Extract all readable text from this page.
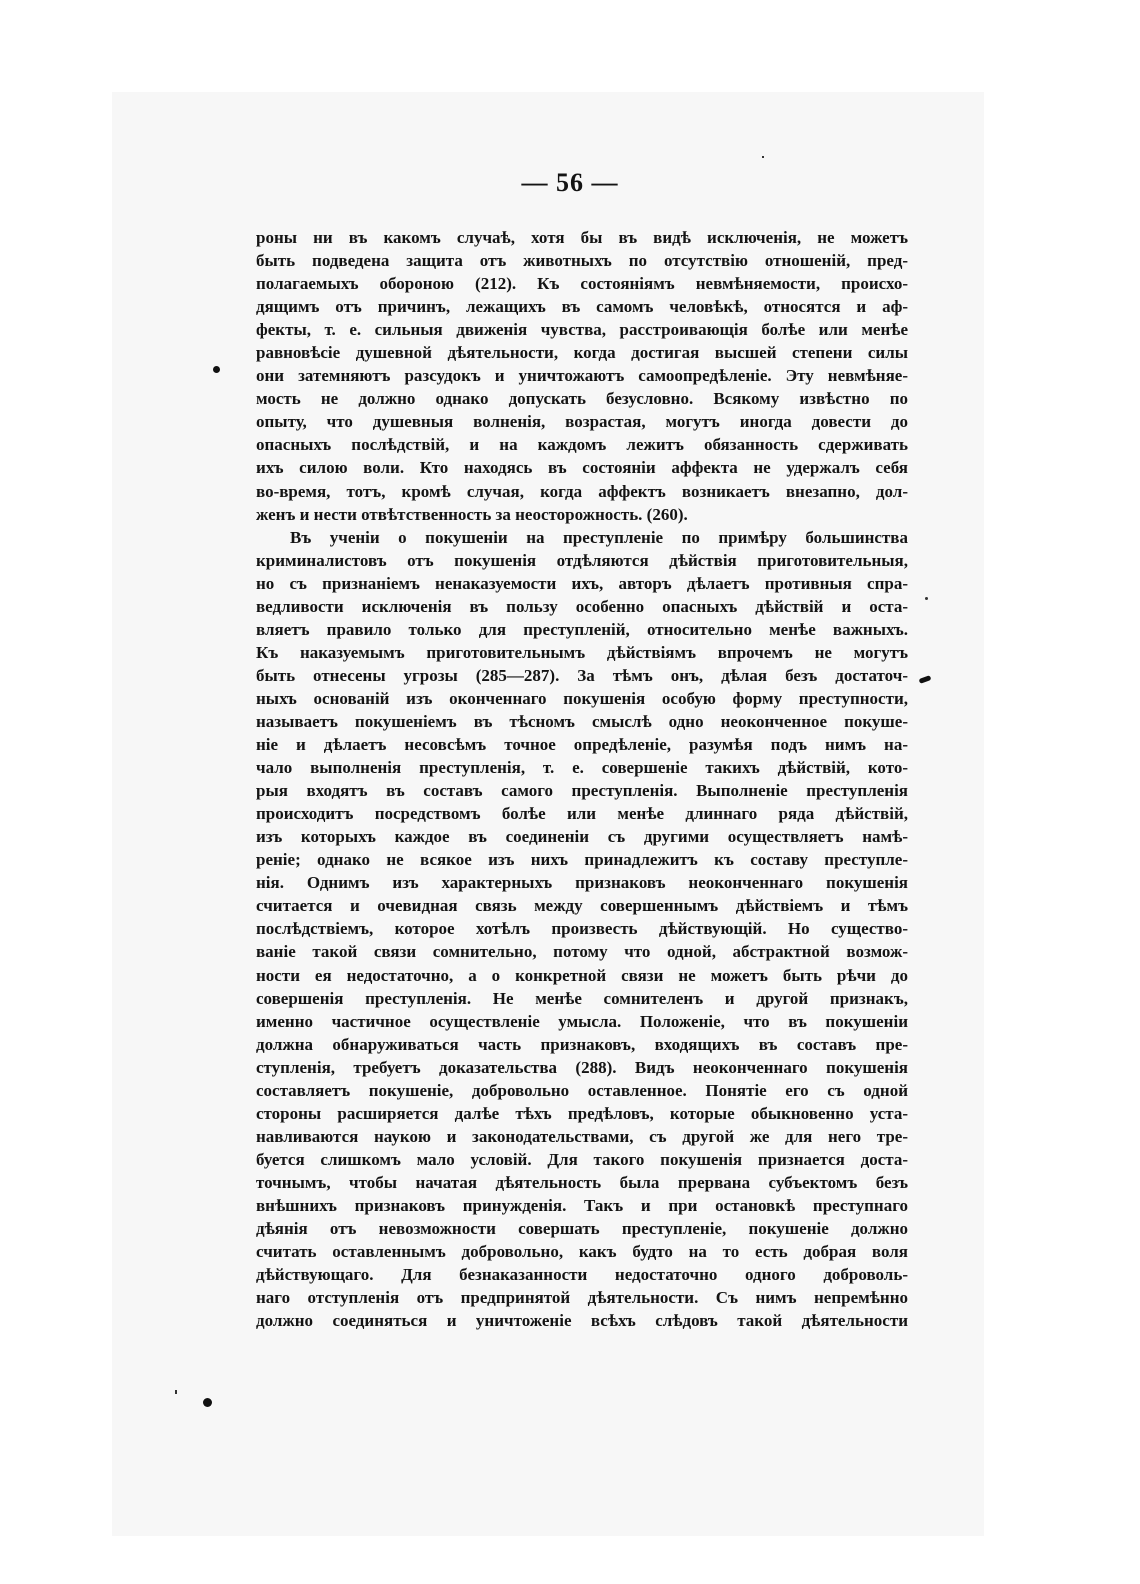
— 56 —
роны ни въ какомъ случаѣ, хотя бы въ видѣ исключенія, не можетъ
быть подведена защита отъ животныхъ по отсутствію отношеній, пред-
полагаемыхъ обороною (212). Къ состояніямъ невмѣняемости, происхо-
дящимъ отъ причинъ, лежащихъ въ самомъ человѣкѣ, относятся и аф-
фекты, т. е. сильныя движенія чувства, расстроивающія болѣе или менѣе
равновѣсіе душевной дѣятельности, когда достигая высшей степени силы
они затемняютъ разсудокъ и уничтожаютъ самоопредѣленіе. Эту невмѣняе-
мость не должно однако допускать безусловно. Всякому извѣстно по
опыту, что душевныя волненія, возрастая, могутъ иногда довести до
опасныхъ послѣдствій, и на каждомъ лежитъ обязанность сдерживать
ихъ силою воли. Кто находясь въ состояніи аффекта не удержалъ себя
во-время, тотъ, кромѣ случая, когда аффектъ возникаетъ внезапно, дол-
женъ и нести отвѣтственность за неосторожность. (260).
Въ ученіи о покушеніи на преступленіе по примѣру большинства
криминалистовъ отъ покушенія отдѣляются дѣйствія приготовительныя,
но съ признаніемъ ненаказуемости ихъ, авторъ дѣлаетъ противныя спра-
ведливости исключенія въ пользу особенно опасныхъ дѣйствій и оста-
вляетъ правило только для преступленій, относительно менѣе важныхъ.
Къ наказуемымъ приготовительнымъ дѣйствіямъ впрочемъ не могутъ
быть отнесены угрозы (285—287). За тѣмъ онъ, дѣлая безъ достаточ-
ныхъ основаній изъ оконченнаго покушенія особую форму преступности,
называетъ покушеніемъ въ тѣсномъ смыслѣ одно неоконченное покуше-
ніе и дѣлаетъ несовсѣмъ точное опредѣленіе, разумѣя подъ нимъ на-
чало выполненія преступленія, т. е. совершеніе такихъ дѣйствій, кото-
рыя входятъ въ составъ самого преступленія. Выполненіе преступленія
происходитъ посредствомъ болѣе или менѣе длиннаго ряда дѣйствій,
изъ которыхъ каждое въ соединеніи съ другими осуществляетъ намѣ-
реніе; однако не всякое изъ нихъ принадлежитъ къ составу преступле-
нія. Однимъ изъ характерныхъ признаковъ неоконченнаго покушенія
считается и очевидная связь между совершеннымъ дѣйствіемъ и тѣмъ
послѣдствіемъ, которое хотѣлъ произвесть дѣйствующій. Но существо-
ваніе такой связи сомнительно, потому что одной, абстрактной возмож-
ности ея недостаточно, а о конкретной связи не можетъ быть рѣчи до
совершенія преступленія. Не менѣе сомнителенъ и другой признакъ,
именно частичное осуществленіе умысла. Положеніе, что въ покушеніи
должна обнаруживаться часть признаковъ, входящихъ въ составъ пре-
ступленія, требуетъ доказательства (288). Видъ неоконченнаго покушенія
составляетъ покушеніе, добровольно оставленное. Понятіе его съ одной
стороны расширяется далѣе тѣхъ предѣловъ, которые обыкновенно уста-
навливаются наукою и законодательствами, съ другой же для него тре-
буется слишкомъ мало условій. Для такого покушенія признается доста-
точнымъ, чтобы начатая дѣятельность была прервана субъектомъ безъ
внѣшнихъ признаковъ принужденія. Такъ и при остановкѣ преступнаго
дѣянія отъ невозможности совершать преступленіе, покушеніе должно
считать оставленнымъ добровольно, какъ будто на то есть добрая воля
дѣйствующаго. Для безнаказанности недостаточно одного доброволь-
наго отступленія отъ предпринятой дѣятельности. Съ нимъ непремѣнно
должно соединяться и уничтоженіе всѣхъ слѣдовъ такой дѣятельности
